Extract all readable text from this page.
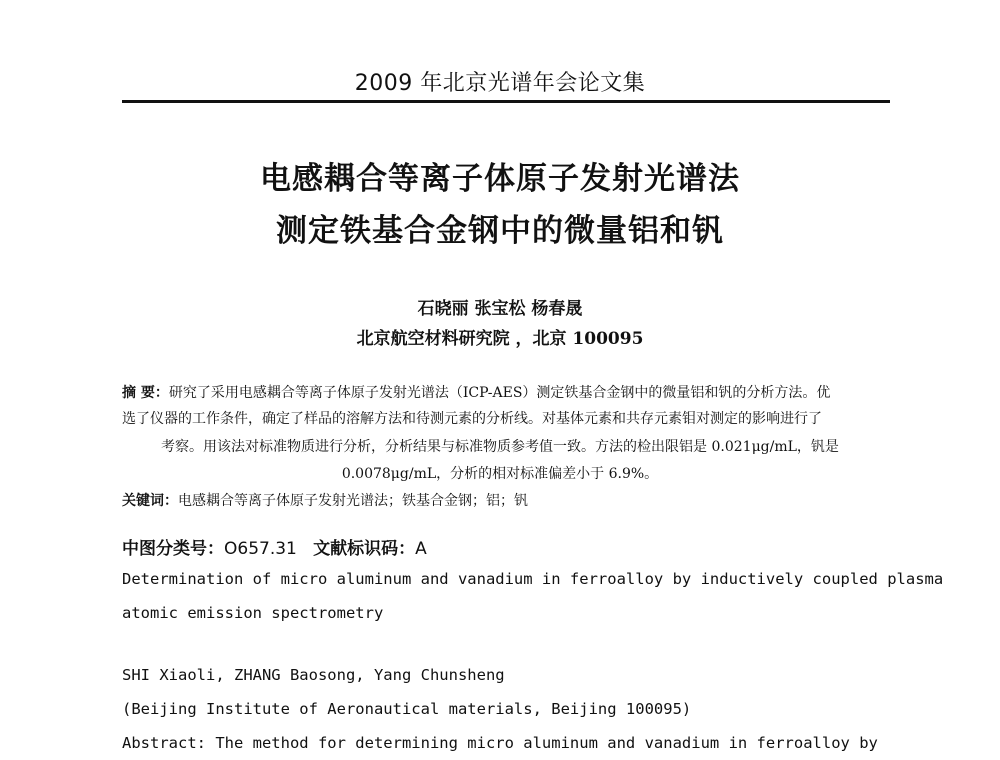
2009 年北京光谱年会论文集
电感耦合等离子体原子发射光谱法
测定铁基合金钢中的微量铝和钒
石晓丽 张宝松 杨春晟
北京航空材料研究院 ，北京 100095
摘 要：研究了采用电感耦合等离子体原子发射光谱法（ICP-AES）测定铁基合金钢中的微量铝和钒的分析方法。优
选了仪器的工作条件，确定了样品的溶解方法和待测元素的分析线。对基体元素和共存元素钼对测定的影响进行了
考察。用该法对标准物质进行分析，分析结果与标准物质参考值一致。方法的检出限铝是 0.021μg/mL，钒是
0.0078μg/mL，分析的相对标准偏差小于 6.9%。
关键词：电感耦合等离子体原子发射光谱法；铁基合金钢；铝；钒
中图分类号：O657.31 文献标识码：A
Determination of micro aluminum and vanadium in ferroalloy by inductively coupled plasma
atomic emission spectrometry
SHI Xiaoli, ZHANG Baosong, Yang Chunsheng
(Beijing Institute of Aeronautical materials, Beijing 100095)
Abstract: The method for determining micro aluminum and vanadium in ferroalloy by
